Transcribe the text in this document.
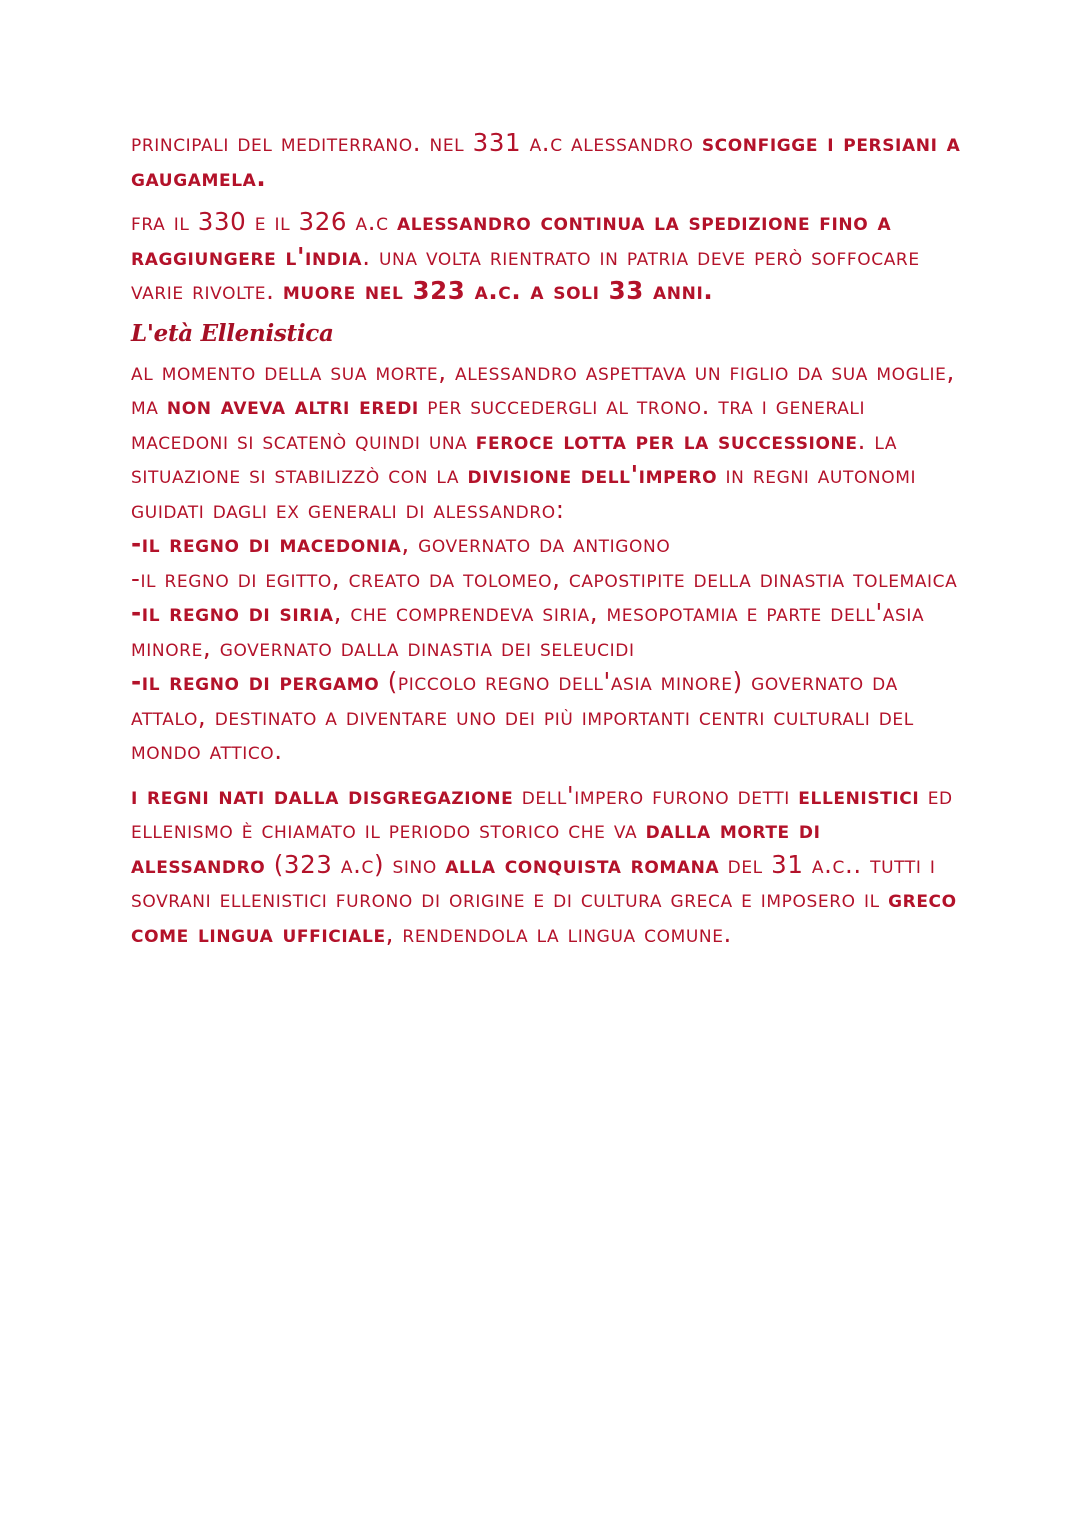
principali del mediterrano. nel 331 a.c alessandro sconfigge i persiani a gaugamela.

fra il 330 e il 326 a.c alessandro continua la spedizione fino a raggiungere l'india. una volta rientrato in patria deve però soffocare varie rivolte. muore nel 323 a.c. a soli 33 anni.

L'età Ellenistica

al momento della sua morte, alessandro aspettava un figlio da sua moglie, ma non aveva altri eredi per succedergli al trono. tra i generali macedoni si scatenò quindi una feroce lotta per la successione. la situazione si stabilizzò con la divisione dell'impero in regni autonomi guidati dagli ex generali di alessandro:

-il regno di macedonia, governato da antigono
-il regno di egitto, creato da tolomeo, capostipite della dinastia tolemaica
-il regno di siria, che comprendeva siria, mesopotamia e parte dell'asia minore, governato dalla dinastia dei seleucidi
-il regno di pergamo (piccolo regno dell'asia minore) governato da attalo, destinato a diventare uno dei più importanti centri culturali del mondo attico.

i regni nati dalla disgregazione dell'impero furono detti ellenistici ed ellenismo è chiamato il periodo storico che va dalla morte di alessandro (323 a.c) sino alla conquista romana del 31 a.c.. tutti i sovrani ellenistici furono di origine e di cultura greca e imposero il greco come lingua ufficiale, rendendola la lingua comune.
